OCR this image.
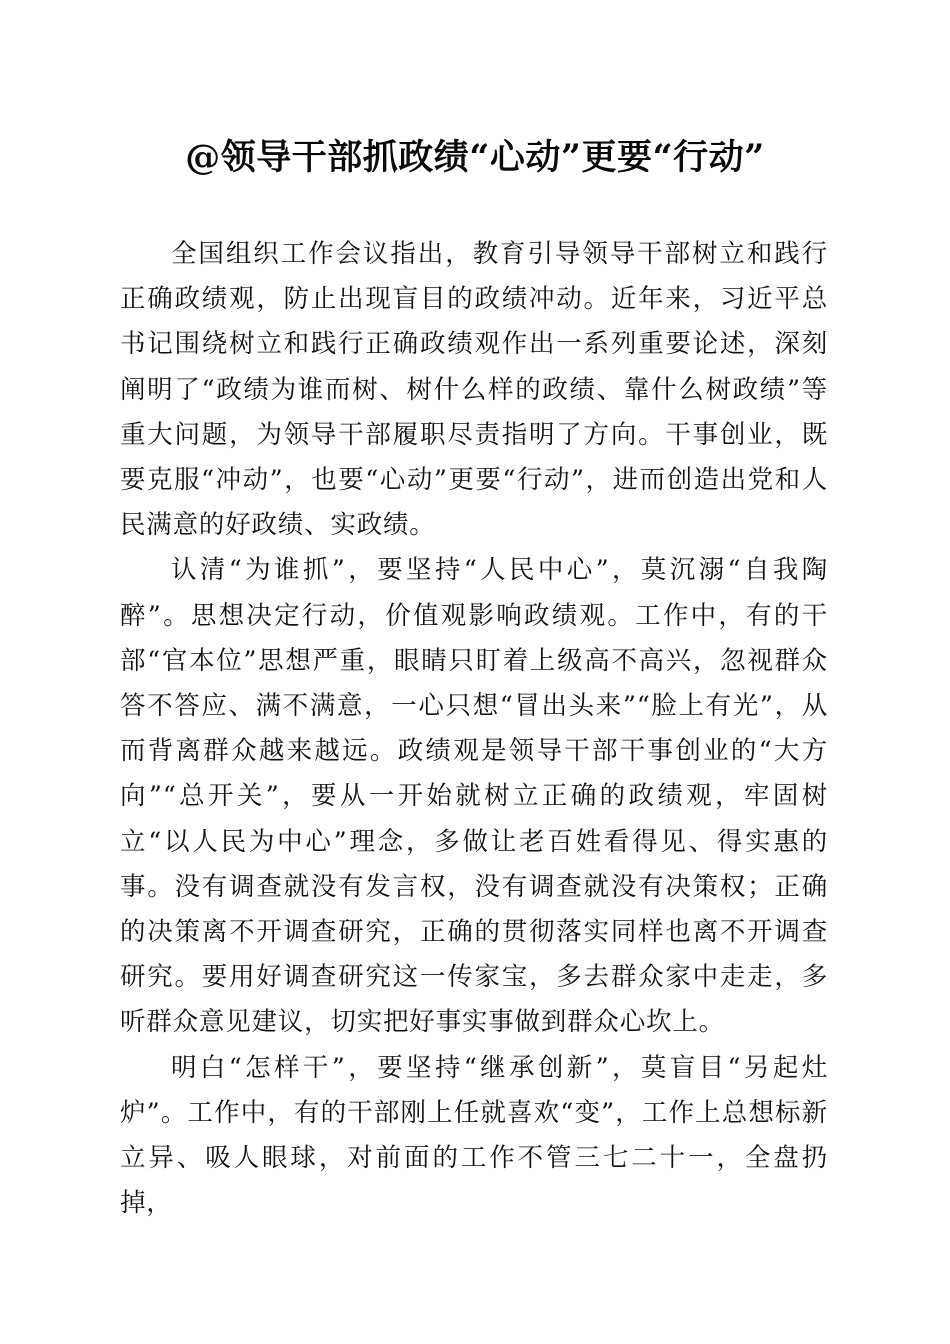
@领导干部抓政绩“心动”更要“行动”

全国组织工作会议指出，教育引导领导干部树立和践行正确政绩观，防止出现盲目的政绩冲动。近年来，习近平总书记围绕树立和践行正确政绩观作出一系列重要论述，深刻阐明了“政绩为谁而树、树什么样的政绩、靠什么树政绩”等重大问题，为领导干部履职尽责指明了方向。干事创业，既要克服“冲动”，也要“心动”更要“行动”，进而创造出党和人民满意的好政绩、实政绩。

认清“为谁抓”，要坚持“人民中心”，莫沉溺“自我陶醉”。思想决定行动，价值观影响政绩观。工作中，有的干部“官本位”思想严重，眼睛只盯着上级高不高兴，忽视群众答不答应、满不满意，一心只想“冒出头来”“脸上有光”，从而背离群众越来越远。政绩观是领导干部干事创业的“大方向”“总开关”，要从一开始就树立正确的政绩观，牢固树立“以人民为中心”理念，多做让老百姓看得见、得实惠的事。没有调查就没有发言权，没有调查就没有决策权；正确的决策离不开调查研究，正确的贯彻落实同样也离不开调查研究。要用好调查研究这一传家宝，多去群众家中走走，多听群众意见建议，切实把好事实事做到群众心坎上。

明白“怎样干”，要坚持“继承创新”，莫盲目“另起灶炉”。工作中，有的干部刚上任就喜欢“变”，工作上总想标新立异、吸人眼球，对前面的工作不管三七二十一，全盘扔掉，
